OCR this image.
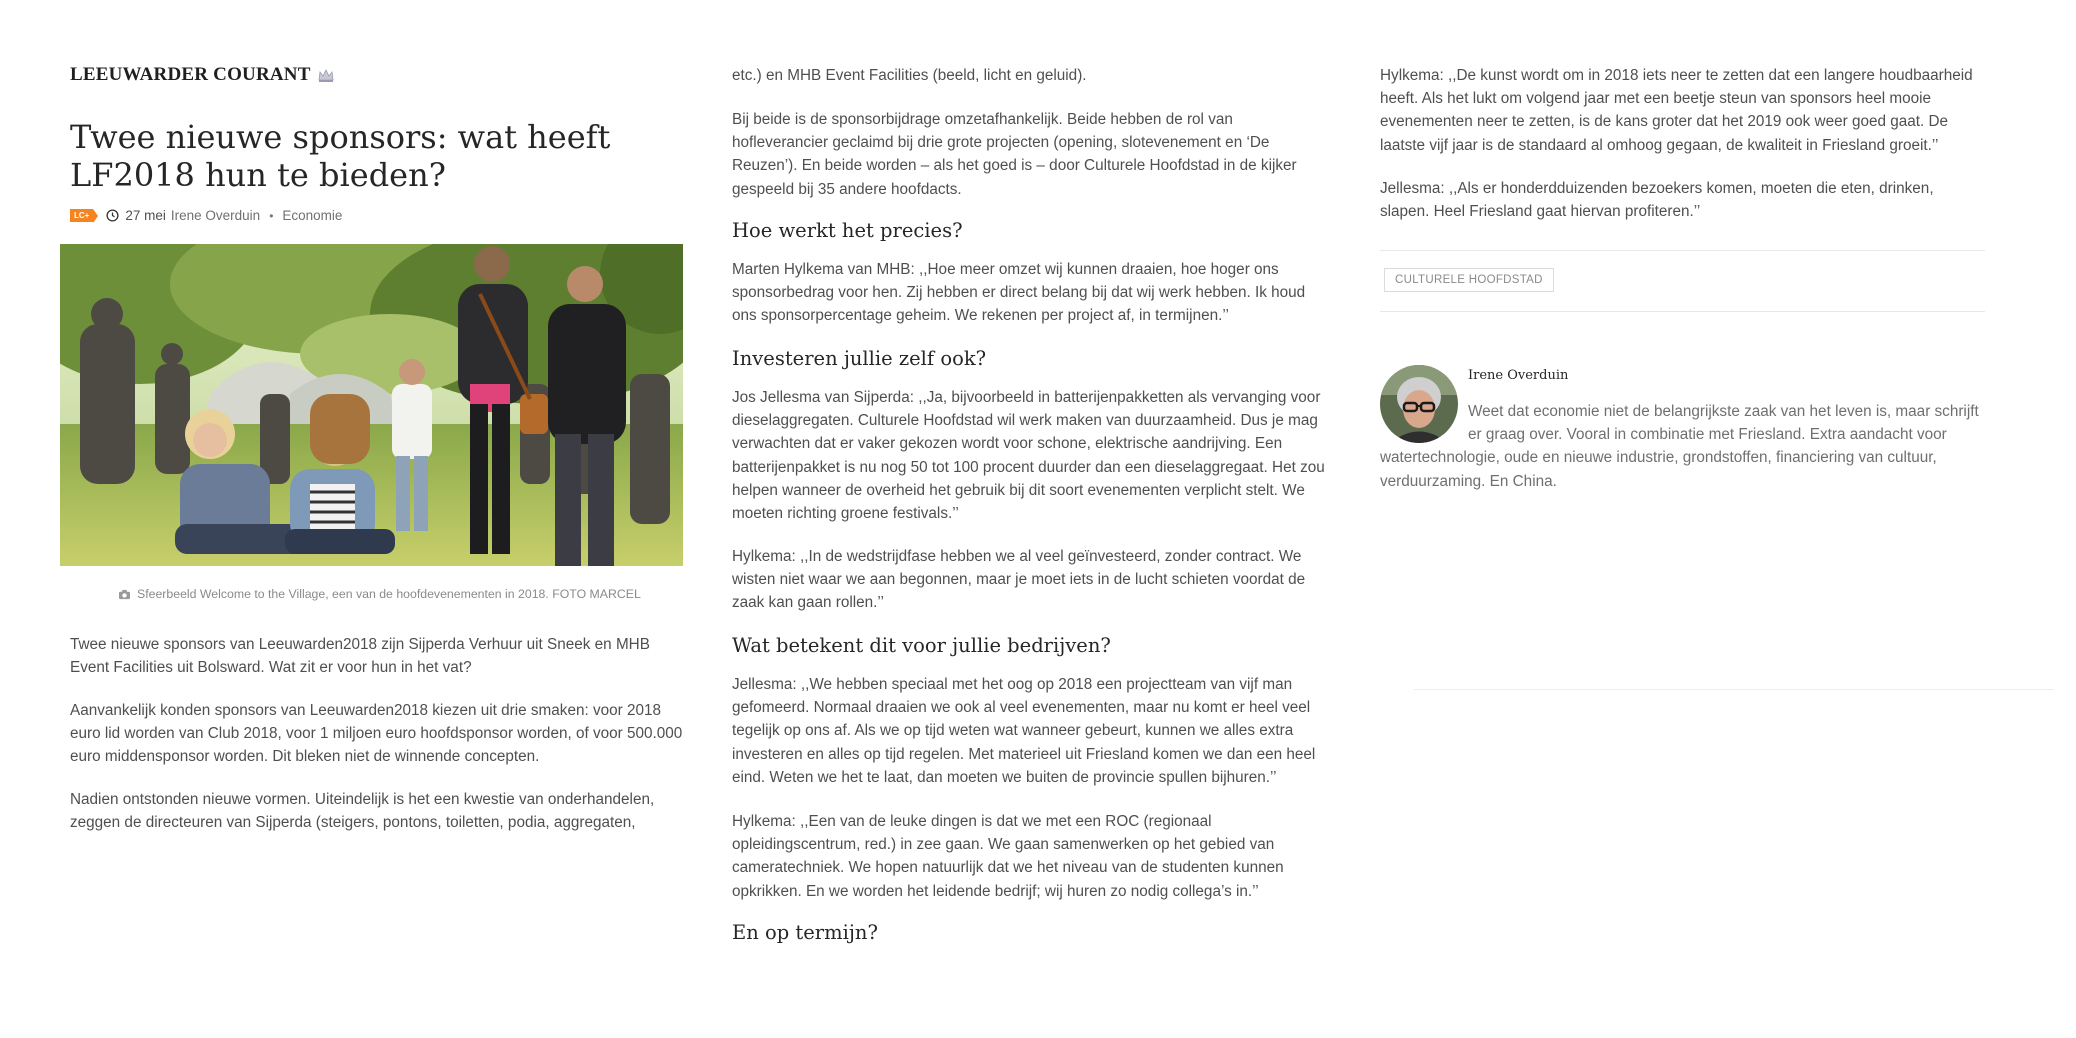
LEEUWARDER COURANT
Twee nieuwe sponsors: wat heeft LF2018 hun te bieden?
LC+	27 mei Irene Overduin • Economie
Sfeerbeeld Welcome to the Village, een van de hoofdevenementen in 2018. FOTO MARCEL

Twee nieuwe sponsors van Leeuwarden2018 zijn Sijperda Verhuur uit Sneek en MHB Event Facilities uit Bolsward. Wat zit er voor hun in het vat?

Aanvankelijk konden sponsors van Leeuwarden2018 kiezen uit drie smaken: voor 2018 euro lid worden van Club 2018, voor 1 miljoen euro hoofdsponsor worden, of voor 500.000 euro middensponsor worden. Dit bleken niet de winnende concepten.

Nadien ontstonden nieuwe vormen. Uiteindelijk is het een kwestie van onderhandelen, zeggen de directeuren van Sijperda (steigers, pontons, toiletten, podia, aggregaten,

etc.) en MHB Event Facilities (beeld, licht en geluid).

Bij beide is de sponsorbijdrage omzetafhankelijk. Beide hebben de rol van hofleverancier geclaimd bij drie grote projecten (opening, slotevenement en ‘De Reuzen’). En beide worden – als het goed is – door Culturele Hoofdstad in de kijker gespeeld bij 35 andere hoofdacts.

Hoe werkt het precies?

Marten Hylkema van MHB: ,,Hoe meer omzet wij kunnen draaien, hoe hoger ons sponsorbedrag voor hen. Zij hebben er direct belang bij dat wij werk hebben. Ik houd ons sponsorpercentage geheim. We rekenen per project af, in termijnen.’’

Investeren jullie zelf ook?

Jos Jellesma van Sijperda: ,,Ja, bijvoorbeeld in batterijenpakketten als vervanging voor dieselaggregaten. Culturele Hoofdstad wil werk maken van duurzaamheid. Dus je mag verwachten dat er vaker gekozen wordt voor schone, elektrische aandrijving. Een batterijenpakket is nu nog 50 tot 100 procent duurder dan een dieselaggregaat. Het zou helpen wanneer de overheid het gebruik bij dit soort evenementen verplicht stelt. We moeten richting groene festivals.’’

Hylkema: ,,In de wedstrijdfase hebben we al veel geïnvesteerd, zonder contract. We wisten niet waar we aan begonnen, maar je moet iets in de lucht schieten voordat de zaak kan gaan rollen.’’

Wat betekent dit voor jullie bedrijven?

Jellesma: ,,We hebben speciaal met het oog op 2018 een projectteam van vijf man gefomeerd. Normaal draaien we ook al veel evenementen, maar nu komt er heel veel tegelijk op ons af. Als we op tijd weten wat wanneer gebeurt, kunnen we alles extra investeren en alles op tijd regelen. Met materieel uit Friesland komen we dan een heel eind. Weten we het te laat, dan moeten we buiten de provincie spullen bijhuren.’’

Hylkema: ,,Een van de leuke dingen is dat we met een ROC (regionaal opleidingscentrum, red.) in zee gaan. We gaan samenwerken op het gebied van cameratechniek. We hopen natuurlijk dat we het niveau van de studenten kunnen opkrikken. En we worden het leidende bedrijf; wij huren zo nodig collega’s in.’’

En op termijn?

Hylkema: ,,De kunst wordt om in 2018 iets neer te zetten dat een langere houdbaarheid heeft. Als het lukt om volgend jaar met een beetje steun van sponsors heel mooie evenementen neer te zetten, is de kans groter dat het 2019 ook weer goed gaat. De laatste vijf jaar is de standaard al omhoog gegaan, de kwaliteit in Friesland groeit.’’

Jellesma: ,,Als er honderdduizenden bezoekers komen, moeten die eten, drinken, slapen. Heel Friesland gaat hiervan profiteren.’’

CULTURELE HOOFDSTAD
Irene Overduin

Weet dat economie niet de belangrijkste zaak van het leven is, maar schrijft er graag over. Vooral in combinatie met Friesland. Extra aandacht voor watertechnologie, oude en nieuwe industrie, grondstoffen, financiering van cultuur, verduurzaming. En China.
